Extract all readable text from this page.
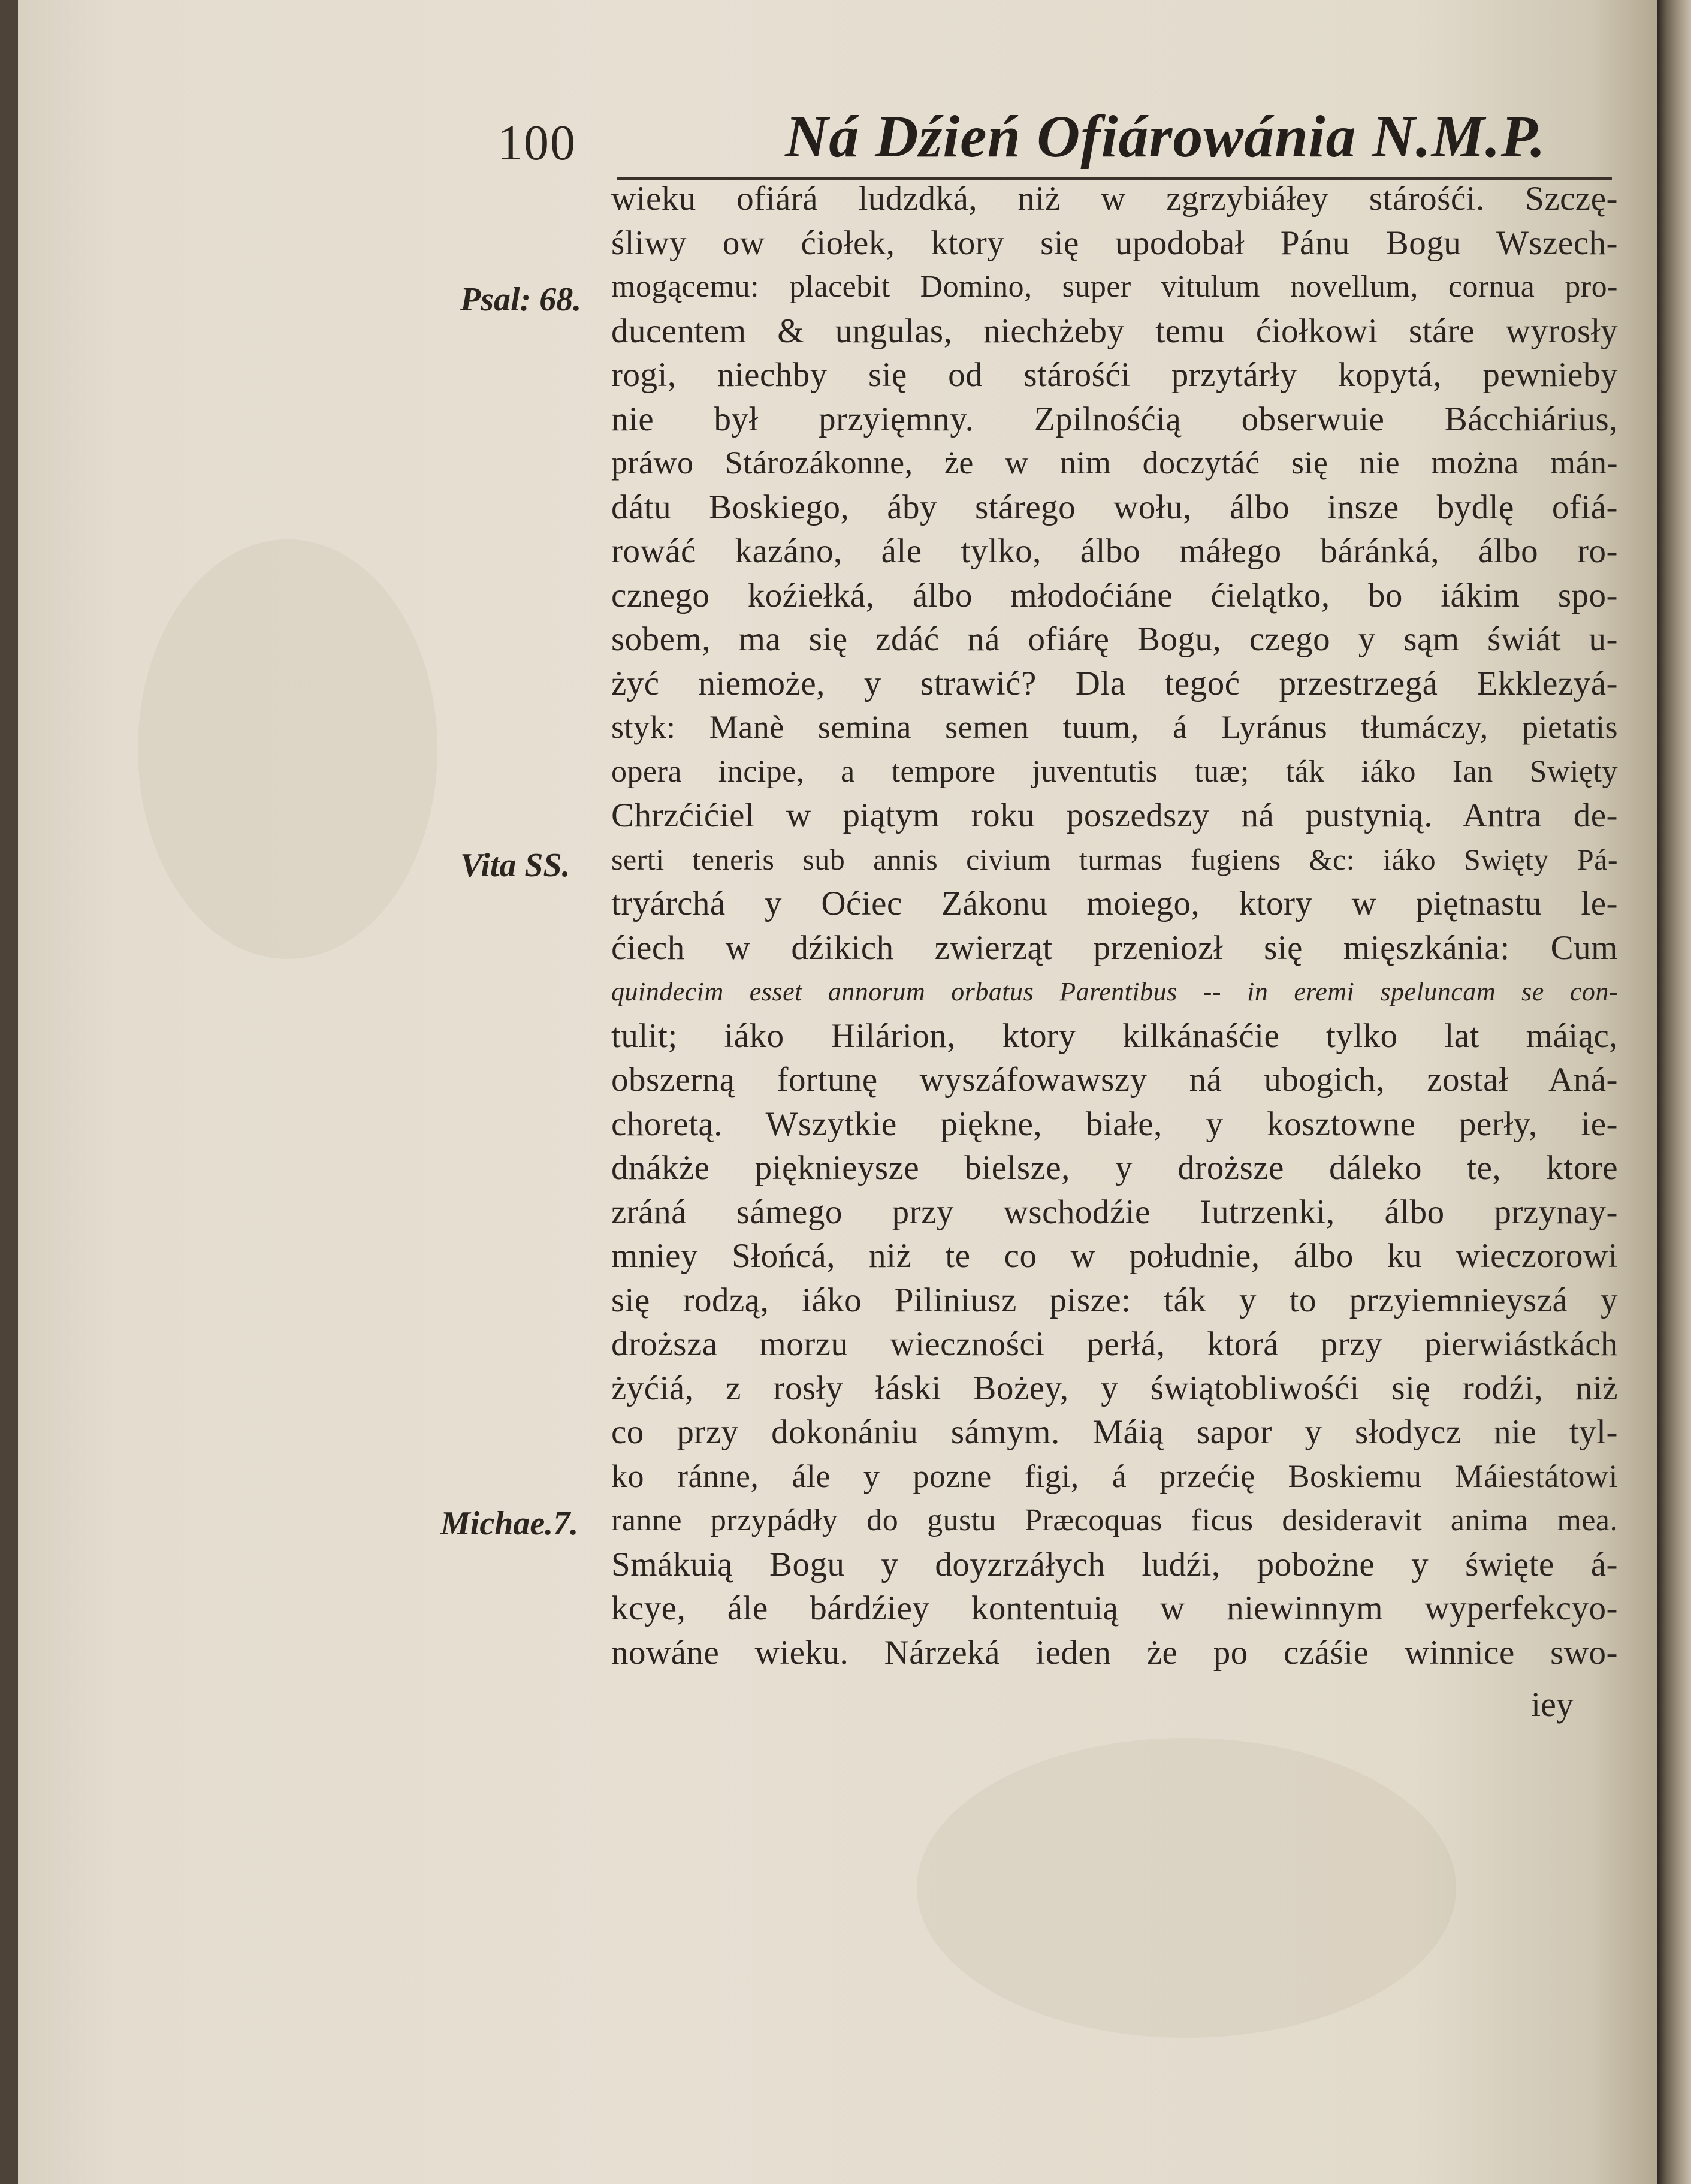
100	Ná Dźień Ofiárowánia N.M.P.
Psal: 68.
Vita SS.
Michae.7.
wieku ofiárá ludzdká, niż w zgrzybiáłey stárośći. Szczę-
śliwy ow ćiołek, ktory się upodobał Pánu Bogu Wszech-
mogącemu: placebit Domino, super vitulum novellum, cornua pro-
ducentem & ungulas, niechżeby temu ćiołkowi stáre wyrosły
rogi, niechby się od stárośći przytárły kopytá, pewnieby
nie był przyięmny. Zpilnośćią obserwuie Bácchiárius,
práwo Stározákonne, że w nim doczytáć się nie można mán-
dátu Boskiego, áby stárego wołu, álbo insze bydlę ofiá-
rowáć kazáno, ále tylko, álbo máłego báránká, álbo ro-
cznego koźiełká, álbo młodoćiáne ćielątko, bo iákim spo-
sobem, ma się zdáć ná ofiárę Bogu, czego y sąm świát u-
żyć niemoże, y strawić? Dla tegoć przestrzegá Ekklezyá-
styk: Manè semina semen tuum, á Lyránus tłumáczy, pietatis
opera incipe, a tempore juventutis tuæ; ták iáko Ian Swięty
Chrzćićiel w piątym roku poszedszy ná pustynią. Antra de-
serti teneris sub annis civium turmas fugiens &c: iáko Swięty Pá-
tryárchá y Oćiec Zákonu moiego, ktory w piętnastu le-
ćiech w dźikich zwierząt przeniozł się mięszkánia: Cum
quindecim esset annorum orbatus Parentibus -- in eremi speluncam se con-
tulit; iáko Hilárion, ktory kilkánaśćie tylko lat máiąc,
obszerną fortunę wyszáfowawszy ná ubogich, został Aná-
choretą. Wszytkie piękne, białe, y kosztowne perły, ie-
dnákże pięknieysze bielsze, y droższe dáleko te, ktore
zráná sámego przy wschodźie Iutrzenki, álbo przynay-
mniey Słońcá, niż te co w południe, álbo ku wieczorowi
się rodzą, iáko Piliniusz pisze: ták y to przyiemnieyszá y
droższa morzu wieczności perłá, ktorá przy pierwiástkách
żyćiá, z rosły łáski Bożey, y świątobliwośći się rodźi, niż
co przy dokonániu sámym. Máią sapor y słodycz nie tyl-
ko ránne, ále y pozne figi, á przećię Boskiemu Máiestátowi
ranne przypádły do gustu Præcoquas ficus desideravit anima mea.
Smákuią Bogu y doyzrzáłych ludźi, pobożne y święte á-
kcye, ále bárdźiey kontentuią w niewinnym wyperfekcyo-
nowáne wieku. Nárzeká ieden że po czáśie winnice swo-
iey
